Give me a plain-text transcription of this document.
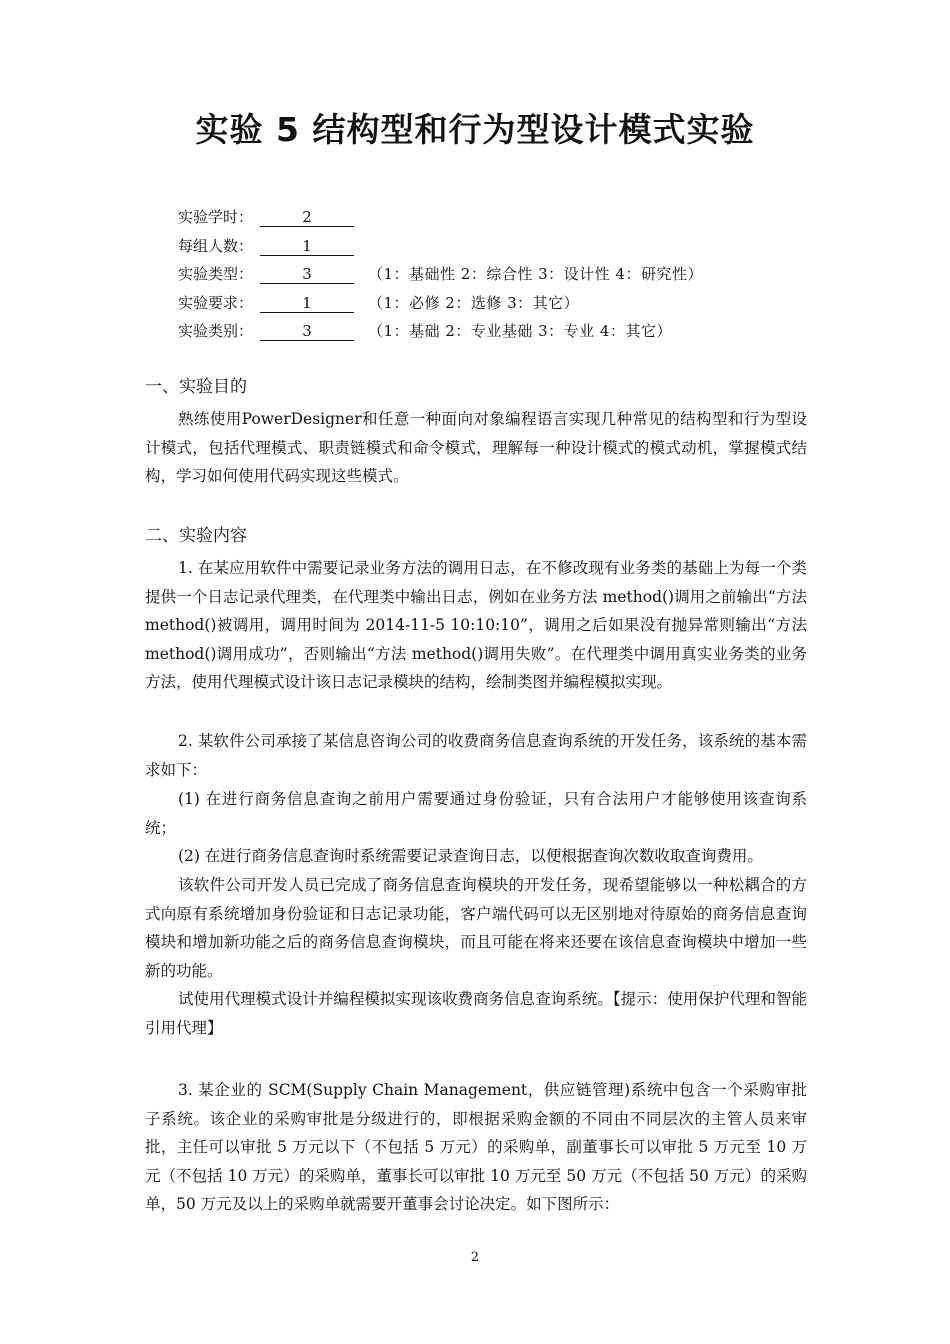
实验 5 结构型和行为型设计模式实验
实验学时：	2
每组人数：	1
实验类型：	3	（1：基础性 2：综合性 3：设计性 4：研究性）
实验要求：	1	（1：必修 2：选修 3：其它）
实验类别：	3	（1：基础 2：专业基础 3：专业 4：其它）
一、实验目的
熟练使用PowerDesigner和任意一种面向对象编程语言实现几种常见的结构型和行为型设计模式，包括代理模式、职责链模式和命令模式，理解每一种设计模式的模式动机，掌握模式结构，学习如何使用代码实现这些模式。
二、实验内容
1. 在某应用软件中需要记录业务方法的调用日志，在不修改现有业务类的基础上为每一个类提供一个日志记录代理类，在代理类中输出日志，例如在业务方法 method()调用之前输出“方法 method()被调用，调用时间为 2014-11-5 10:10:10”，调用之后如果没有抛异常则输出“方法 method()调用成功”，否则输出“方法 method()调用失败”。在代理类中调用真实业务类的业务方法，使用代理模式设计该日志记录模块的结构，绘制类图并编程模拟实现。
2. 某软件公司承接了某信息咨询公司的收费商务信息查询系统的开发任务，该系统的基本需求如下：
(1) 在进行商务信息查询之前用户需要通过身份验证，只有合法用户才能够使用该查询系统；
(2) 在进行商务信息查询时系统需要记录查询日志，以便根据查询次数收取查询费用。
该软件公司开发人员已完成了商务信息查询模块的开发任务，现希望能够以一种松耦合的方式向原有系统增加身份验证和日志记录功能，客户端代码可以无区别地对待原始的商务信息查询模块和增加新功能之后的商务信息查询模块，而且可能在将来还要在该信息查询模块中增加一些新的功能。
试使用代理模式设计并编程模拟实现该收费商务信息查询系统。【提示：使用保护代理和智能引用代理】
3. 某企业的 SCM(Supply Chain Management，供应链管理)系统中包含一个采购审批子系统。该企业的采购审批是分级进行的，即根据采购金额的不同由不同层次的主管人员来审批，主任可以审批 5 万元以下（不包括 5 万元）的采购单，副董事长可以审批 5 万元至 10 万元（不包括 10 万元）的采购单，董事长可以审批 10 万元至 50 万元（不包括 50 万元）的采购单，50 万元及以上的采购单就需要开董事会讨论决定。如下图所示：
2
